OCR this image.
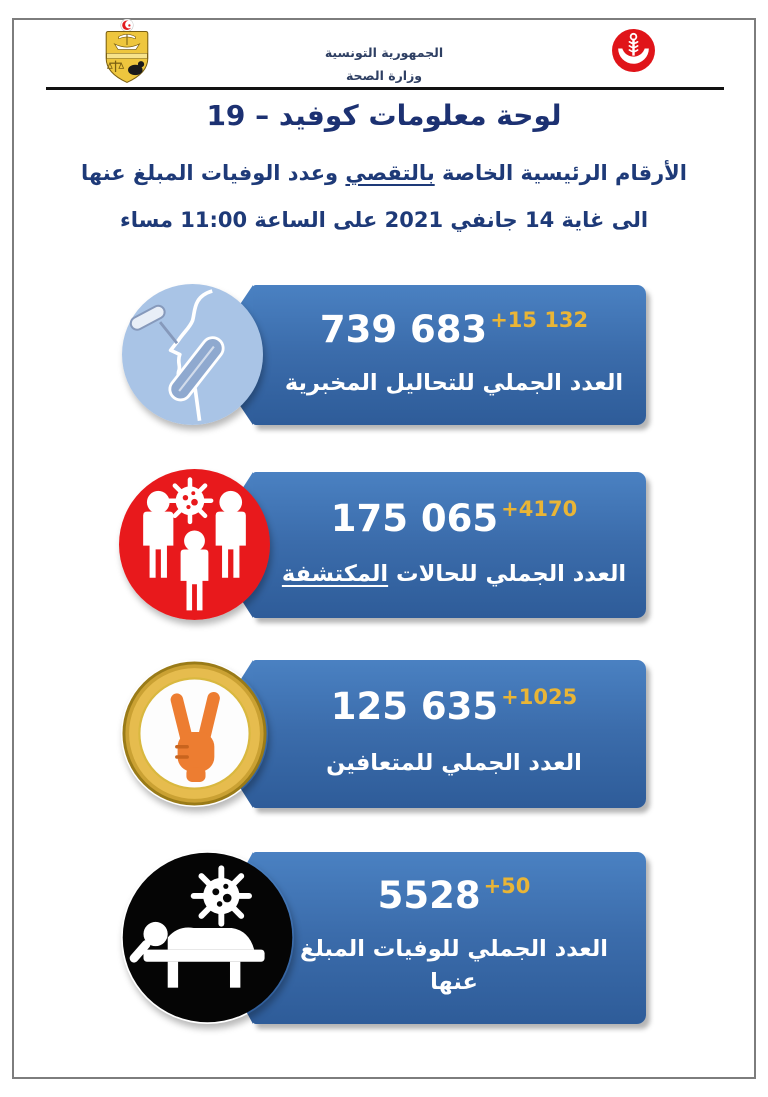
الجمهورية التونسية
وزارة الصحة
لوحة معلومات كوفيد – 19
الأرقام الرئيسية الخاصة بالتقصي وعدد الوفيات المبلغ عنها
الى غاية 14 جانفي 2021 على الساعة 11:00 مساء
739 683 +15 132
العدد الجملي للتحاليل المخبرية
175 065 +4170
العدد الجملي للحالات المكتشفة
125 635 +1025
العدد الجملي للمتعافين
5528 +50
العدد الجملي للوفيات المبلغ عنها
